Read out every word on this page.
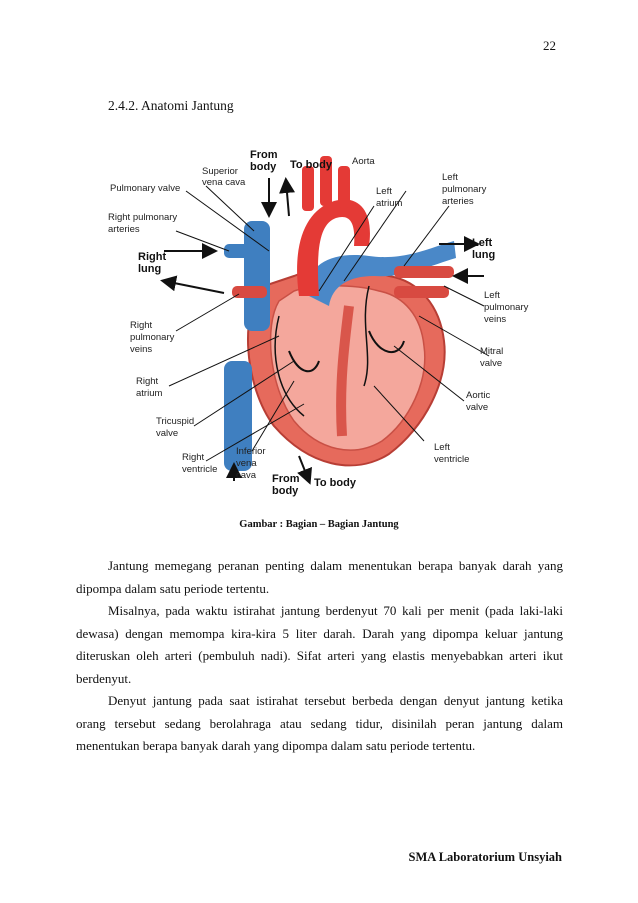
22
2.4.2. Anatomi Jantung
Pulmonary valve
Superior
vena cava
From
body To body Aorta
Left
atrium
Left
pulmonary
arteries
Right pulmonary
arteries
Right
lung
Left
lung
Left
pulmonary
veins
Right
pulmonary
veins	Mitral
valve
Right
atrium	Aortic
valve
Tricuspid
valve
Right
ventricle
Inferior
vena
cava From
body
To body
Left
ventricle
Gambar : Bagian – Bagian Jantung

Jantung memegang peranan penting dalam menentukan berapa banyak darah yang dipompa dalam satu periode tertentu.

Misalnya, pada waktu istirahat jantung berdenyut 70 kali per menit (pada laki-laki dewasa) dengan memompa kira-kira 5 liter darah. Darah yang dipompa keluar jantung diteruskan oleh arteri (pembuluh nadi). Sifat arteri yang elastis menyebabkan arteri ikut berdenyut.

Denyut jantung pada saat istirahat tersebut berbeda dengan denyut jantung ketika orang tersebut sedang berolahraga atau sedang tidur, disinilah peran jantung dalam menentukan berapa banyak darah yang dipompa dalam satu periode tertentu.

SMA Laboratorium Unsyiah
